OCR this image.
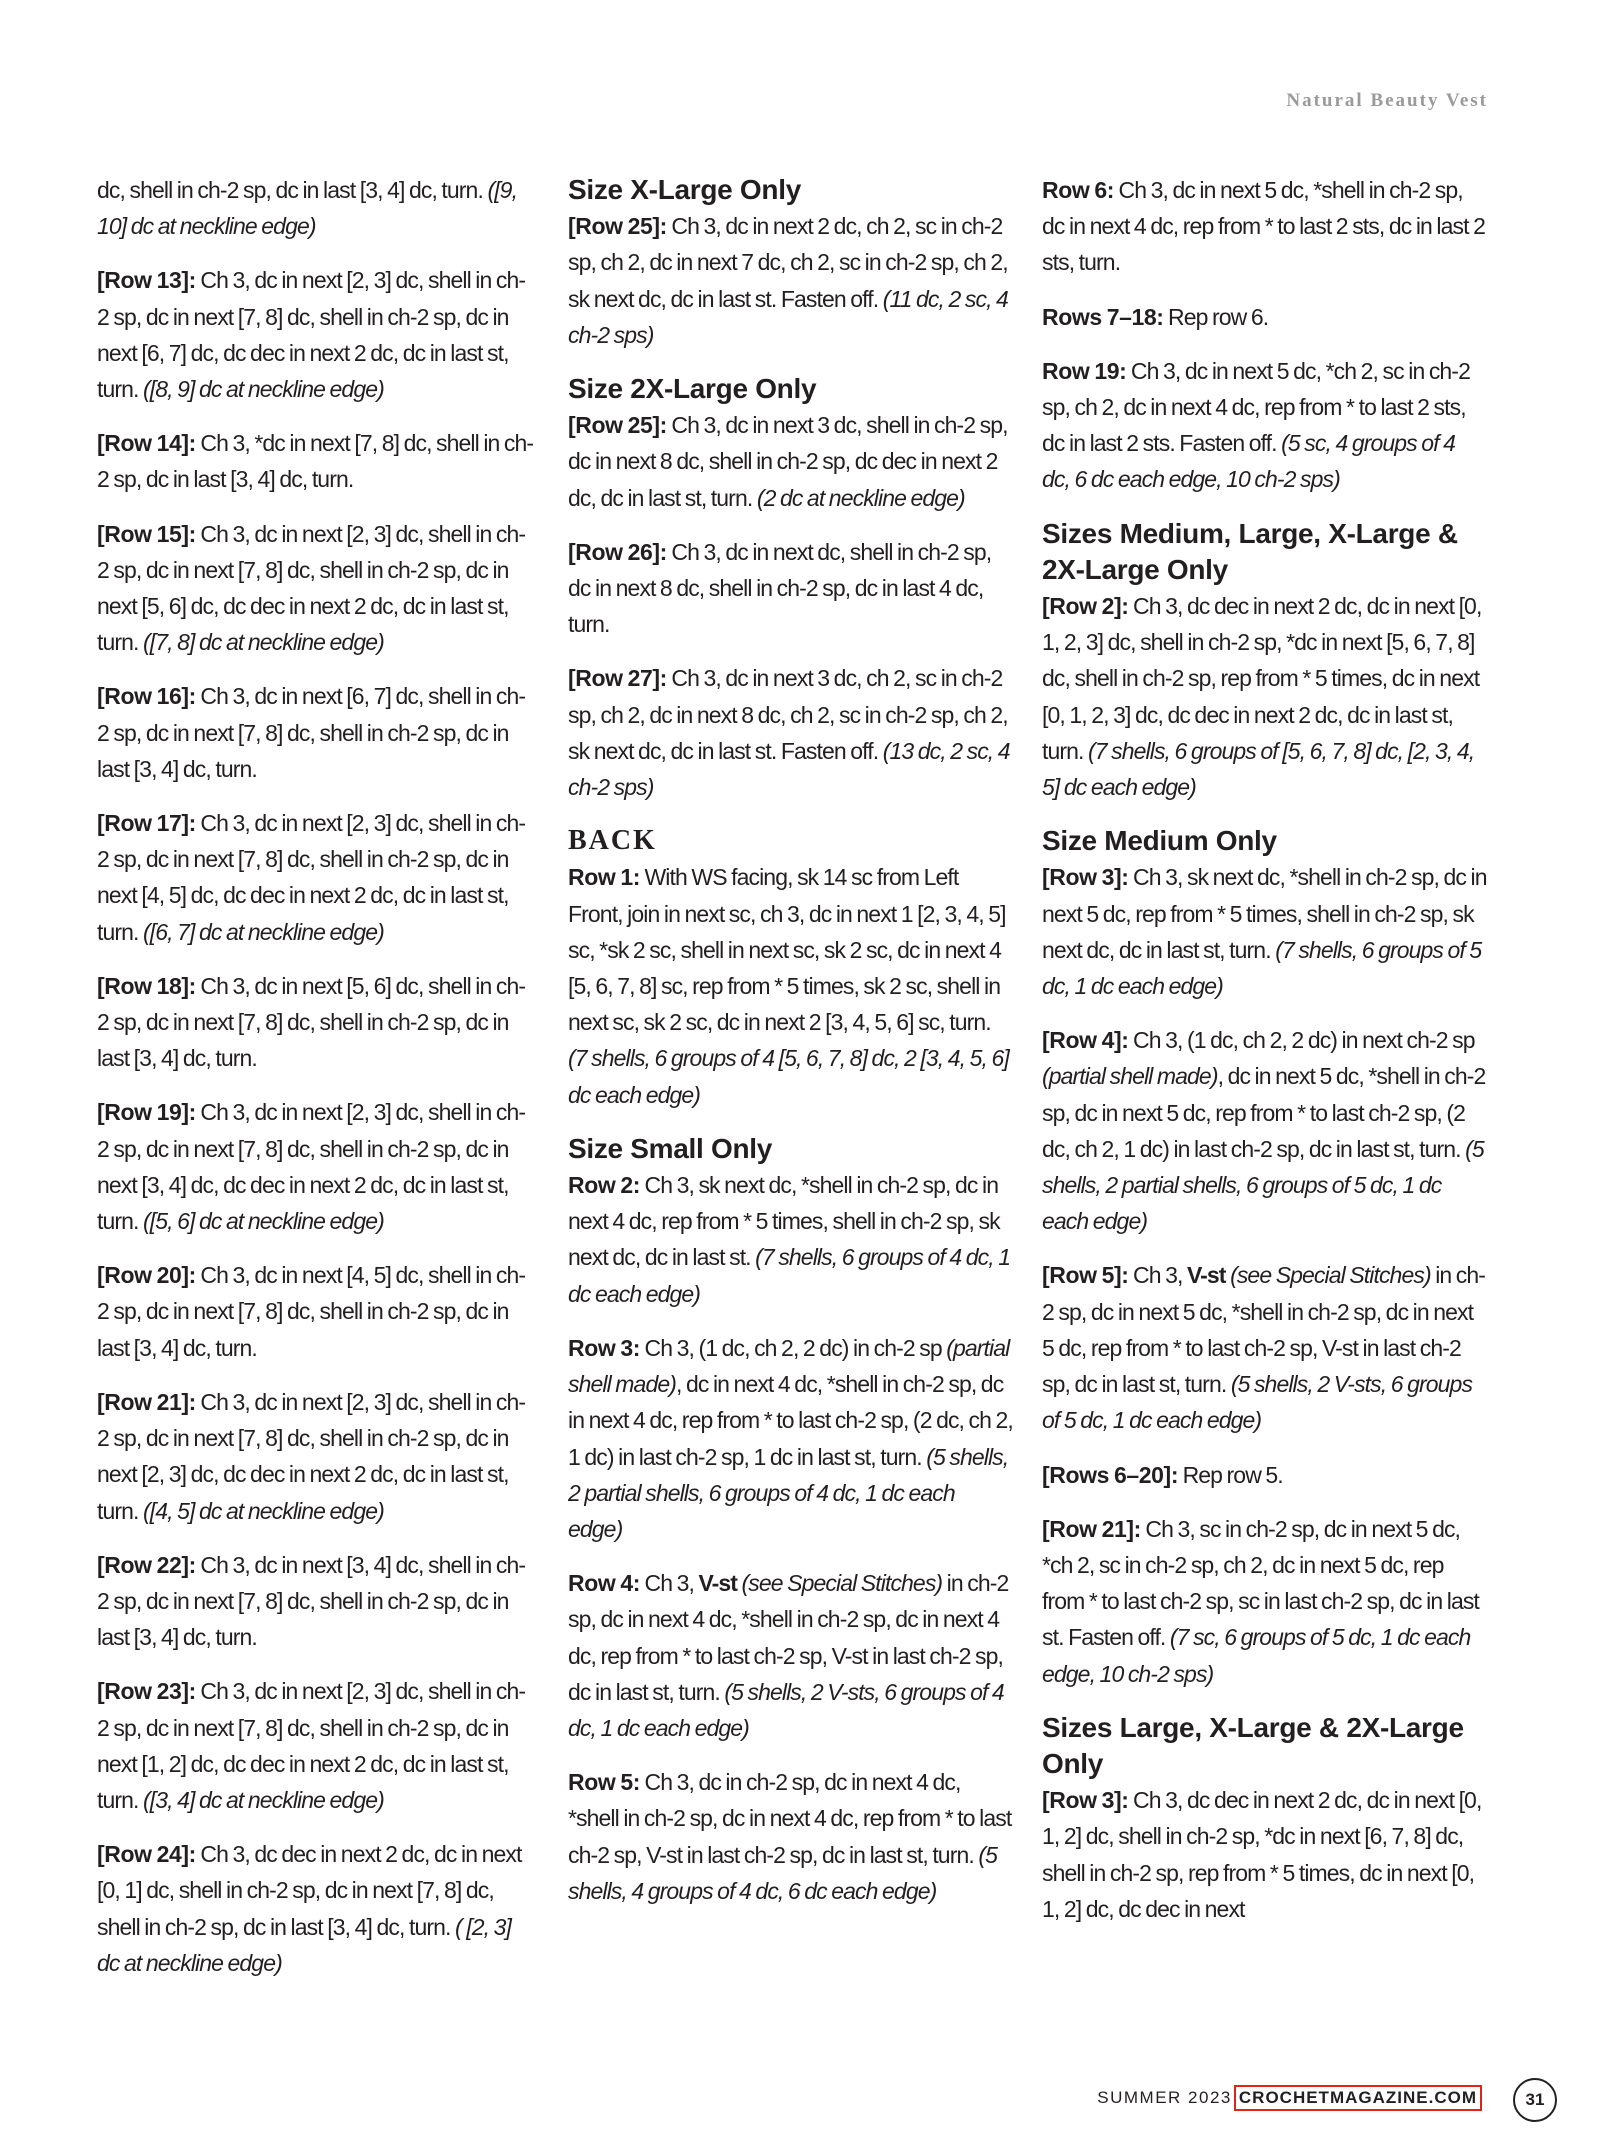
Natural Beauty Vest

dc, shell in ch-2 sp, dc in last [3, 4] dc, turn. ([9, 10] dc at neckline edge)

[Row 13]: Ch 3, dc in next [2, 3] dc, shell in ch-2 sp, dc in next [7, 8] dc, shell in ch-2 sp, dc in next [6, 7] dc, dc dec in next 2 dc, dc in last st, turn. ([8, 9] dc at neckline edge)

[Row 14]: Ch 3, *dc in next [7, 8] dc, shell in ch-2 sp, dc in last [3, 4] dc, turn.

[Row 15]: Ch 3, dc in next [2, 3] dc, shell in ch-2 sp, dc in next [7, 8] dc, shell in ch-2 sp, dc in next [5, 6] dc, dc dec in next 2 dc, dc in last st, turn. ([7, 8] dc at neckline edge)

[Row 16]: Ch 3, dc in next [6, 7] dc, shell in ch-2 sp, dc in next [7, 8] dc, shell in ch-2 sp, dc in last [3, 4] dc, turn.

[Row 17]: Ch 3, dc in next [2, 3] dc, shell in ch-2 sp, dc in next [7, 8] dc, shell in ch-2 sp, dc in next [4, 5] dc, dc dec in next 2 dc, dc in last st, turn. ([6, 7] dc at neckline edge)

[Row 18]: Ch 3, dc in next [5, 6] dc, shell in ch-2 sp, dc in next [7, 8] dc, shell in ch-2 sp, dc in last [3, 4] dc, turn.

[Row 19]: Ch 3, dc in next [2, 3] dc, shell in ch-2 sp, dc in next [7, 8] dc, shell in ch-2 sp, dc in next [3, 4] dc, dc dec in next 2 dc, dc in last st, turn. ([5, 6] dc at neckline edge)

[Row 20]: Ch 3, dc in next [4, 5] dc, shell in ch-2 sp, dc in next [7, 8] dc, shell in ch-2 sp, dc in last [3, 4] dc, turn.

[Row 21]: Ch 3, dc in next [2, 3] dc, shell in ch-2 sp, dc in next [7, 8] dc, shell in ch-2 sp, dc in next [2, 3] dc, dc dec in next 2 dc, dc in last st, turn. ([4, 5] dc at neckline edge)

[Row 22]: Ch 3, dc in next [3, 4] dc, shell in ch-2 sp, dc in next [7, 8] dc, shell in ch-2 sp, dc in last [3, 4] dc, turn.

[Row 23]: Ch 3, dc in next [2, 3] dc, shell in ch-2 sp, dc in next [7, 8] dc, shell in ch-2 sp, dc in next [1, 2] dc, dc dec in next 2 dc, dc in last st, turn. ([3, 4] dc at neckline edge)

[Row 24]: Ch 3, dc dec in next 2 dc, dc in next [0, 1] dc, shell in ch-2 sp, dc in next [7, 8] dc, shell in ch-2 sp, dc in last [3, 4] dc, turn. ( [2, 3] dc at neckline edge)

Size X-Large Only

[Row 25]: Ch 3, dc in next 2 dc, ch 2, sc in ch-2 sp, ch 2, dc in next 7 dc, ch 2, sc in ch-2 sp, ch 2, sk next dc, dc in last st. Fasten off. (11 dc, 2 sc, 4 ch-2 sps)

Size 2X-Large Only

[Row 25]: Ch 3, dc in next 3 dc, shell in ch-2 sp, dc in next 8 dc, shell in ch-2 sp, dc dec in next 2 dc, dc in last st, turn. (2 dc at neckline edge)

[Row 26]: Ch 3, dc in next dc, shell in ch-2 sp, dc in next 8 dc, shell in ch-2 sp, dc in last 4 dc, turn.

[Row 27]: Ch 3, dc in next 3 dc, ch 2, sc in ch-2 sp, ch 2, dc in next 8 dc, ch 2, sc in ch-2 sp, ch 2, sk next dc, dc in last st. Fasten off. (13 dc, 2 sc, 4 ch-2 sps)

BACK

Row 1: With WS facing, sk 14 sc from Left Front, join in next sc, ch 3, dc in next 1 [2, 3, 4, 5] sc, *sk 2 sc, shell in next sc, sk 2 sc, dc in next 4 [5, 6, 7, 8] sc, rep from * 5 times, sk 2 sc, shell in next sc, sk 2 sc, dc in next 2 [3, 4, 5, 6] sc, turn. (7 shells, 6 groups of 4 [5, 6, 7, 8] dc, 2 [3, 4, 5, 6] dc each edge)

Size Small Only

Row 2: Ch 3, sk next dc, *shell in ch-2 sp, dc in next 4 dc, rep from * 5 times, shell in ch-2 sp, sk next dc, dc in last st. (7 shells, 6 groups of 4 dc, 1 dc each edge)

Row 3: Ch 3, (1 dc, ch 2, 2 dc) in ch-2 sp (partial shell made), dc in next 4 dc, *shell in ch-2 sp, dc in next 4 dc, rep from * to last ch-2 sp, (2 dc, ch 2, 1 dc) in last ch-2 sp, 1 dc in last st, turn. (5 shells, 2 partial shells, 6 groups of 4 dc, 1 dc each edge)

Row 4: Ch 3, V-st (see Special Stitches) in ch-2 sp, dc in next 4 dc, *shell in ch-2 sp, dc in next 4 dc, rep from * to last ch-2 sp, V-st in last ch-2 sp, dc in last st, turn. (5 shells, 2 V-sts, 6 groups of 4 dc, 1 dc each edge)

Row 5: Ch 3, dc in ch-2 sp, dc in next 4 dc, *shell in ch-2 sp, dc in next 4 dc, rep from * to last ch-2 sp, V-st in last ch-2 sp, dc in last st, turn. (5 shells, 4 groups of 4 dc, 6 dc each edge)

Row 6: Ch 3, dc in next 5 dc, *shell in ch-2 sp, dc in next 4 dc, rep from * to last 2 sts, dc in last 2 sts, turn.

Rows 7–18: Rep row 6.

Row 19: Ch 3, dc in next 5 dc, *ch 2, sc in ch-2 sp, ch 2, dc in next 4 dc, rep from * to last 2 sts, dc in last 2 sts. Fasten off. (5 sc, 4 groups of 4 dc, 6 dc each edge, 10 ch-2 sps)

Sizes Medium, Large, X-Large & 2X-Large Only

[Row 2]: Ch 3, dc dec in next 2 dc, dc in next [0, 1, 2, 3] dc, shell in ch-2 sp, *dc in next [5, 6, 7, 8] dc, shell in ch-2 sp, rep from * 5 times, dc in next [0, 1, 2, 3] dc, dc dec in next 2 dc, dc in last st, turn. (7 shells, 6 groups of [5, 6, 7, 8] dc, [2, 3, 4, 5] dc each edge)

Size Medium Only

[Row 3]: Ch 3, sk next dc, *shell in ch-2 sp, dc in next 5 dc, rep from * 5 times, shell in ch-2 sp, sk next dc, dc in last st, turn. (7 shells, 6 groups of 5 dc, 1 dc each edge)

[Row 4]: Ch 3, (1 dc, ch 2, 2 dc) in next ch-2 sp (partial shell made), dc in next 5 dc, *shell in ch-2 sp, dc in next 5 dc, rep from * to last ch-2 sp, (2 dc, ch 2, 1 dc) in last ch-2 sp, dc in last st, turn. (5 shells, 2 partial shells, 6 groups of 5 dc, 1 dc each edge)

[Row 5]: Ch 3, V-st (see Special Stitches) in ch-2 sp, dc in next 5 dc, *shell in ch-2 sp, dc in next 5 dc, rep from * to last ch-2 sp, V-st in last ch-2 sp, dc in last st, turn. (5 shells, 2 V-sts, 6 groups of 5 dc, 1 dc each edge)

[Rows 6–20]: Rep row 5.

[Row 21]: Ch 3, sc in ch-2 sp, dc in next 5 dc, *ch 2, sc in ch-2 sp, ch 2, dc in next 5 dc, rep from * to last ch-2 sp, sc in last ch-2 sp, dc in last st. Fasten off. (7 sc, 6 groups of 5 dc, 1 dc each edge, 10 ch-2 sps)

Sizes Large, X-Large & 2X-Large Only

[Row 3]: Ch 3, dc dec in next 2 dc, dc in next [0, 1, 2] dc, shell in ch-2 sp, *dc in next [6, 7, 8] dc, shell in ch-2 sp, rep from * 5 times, dc in next [0, 1, 2] dc, dc dec in next

SUMMER 2023 CROCHETMAGAZINE.COM	31
